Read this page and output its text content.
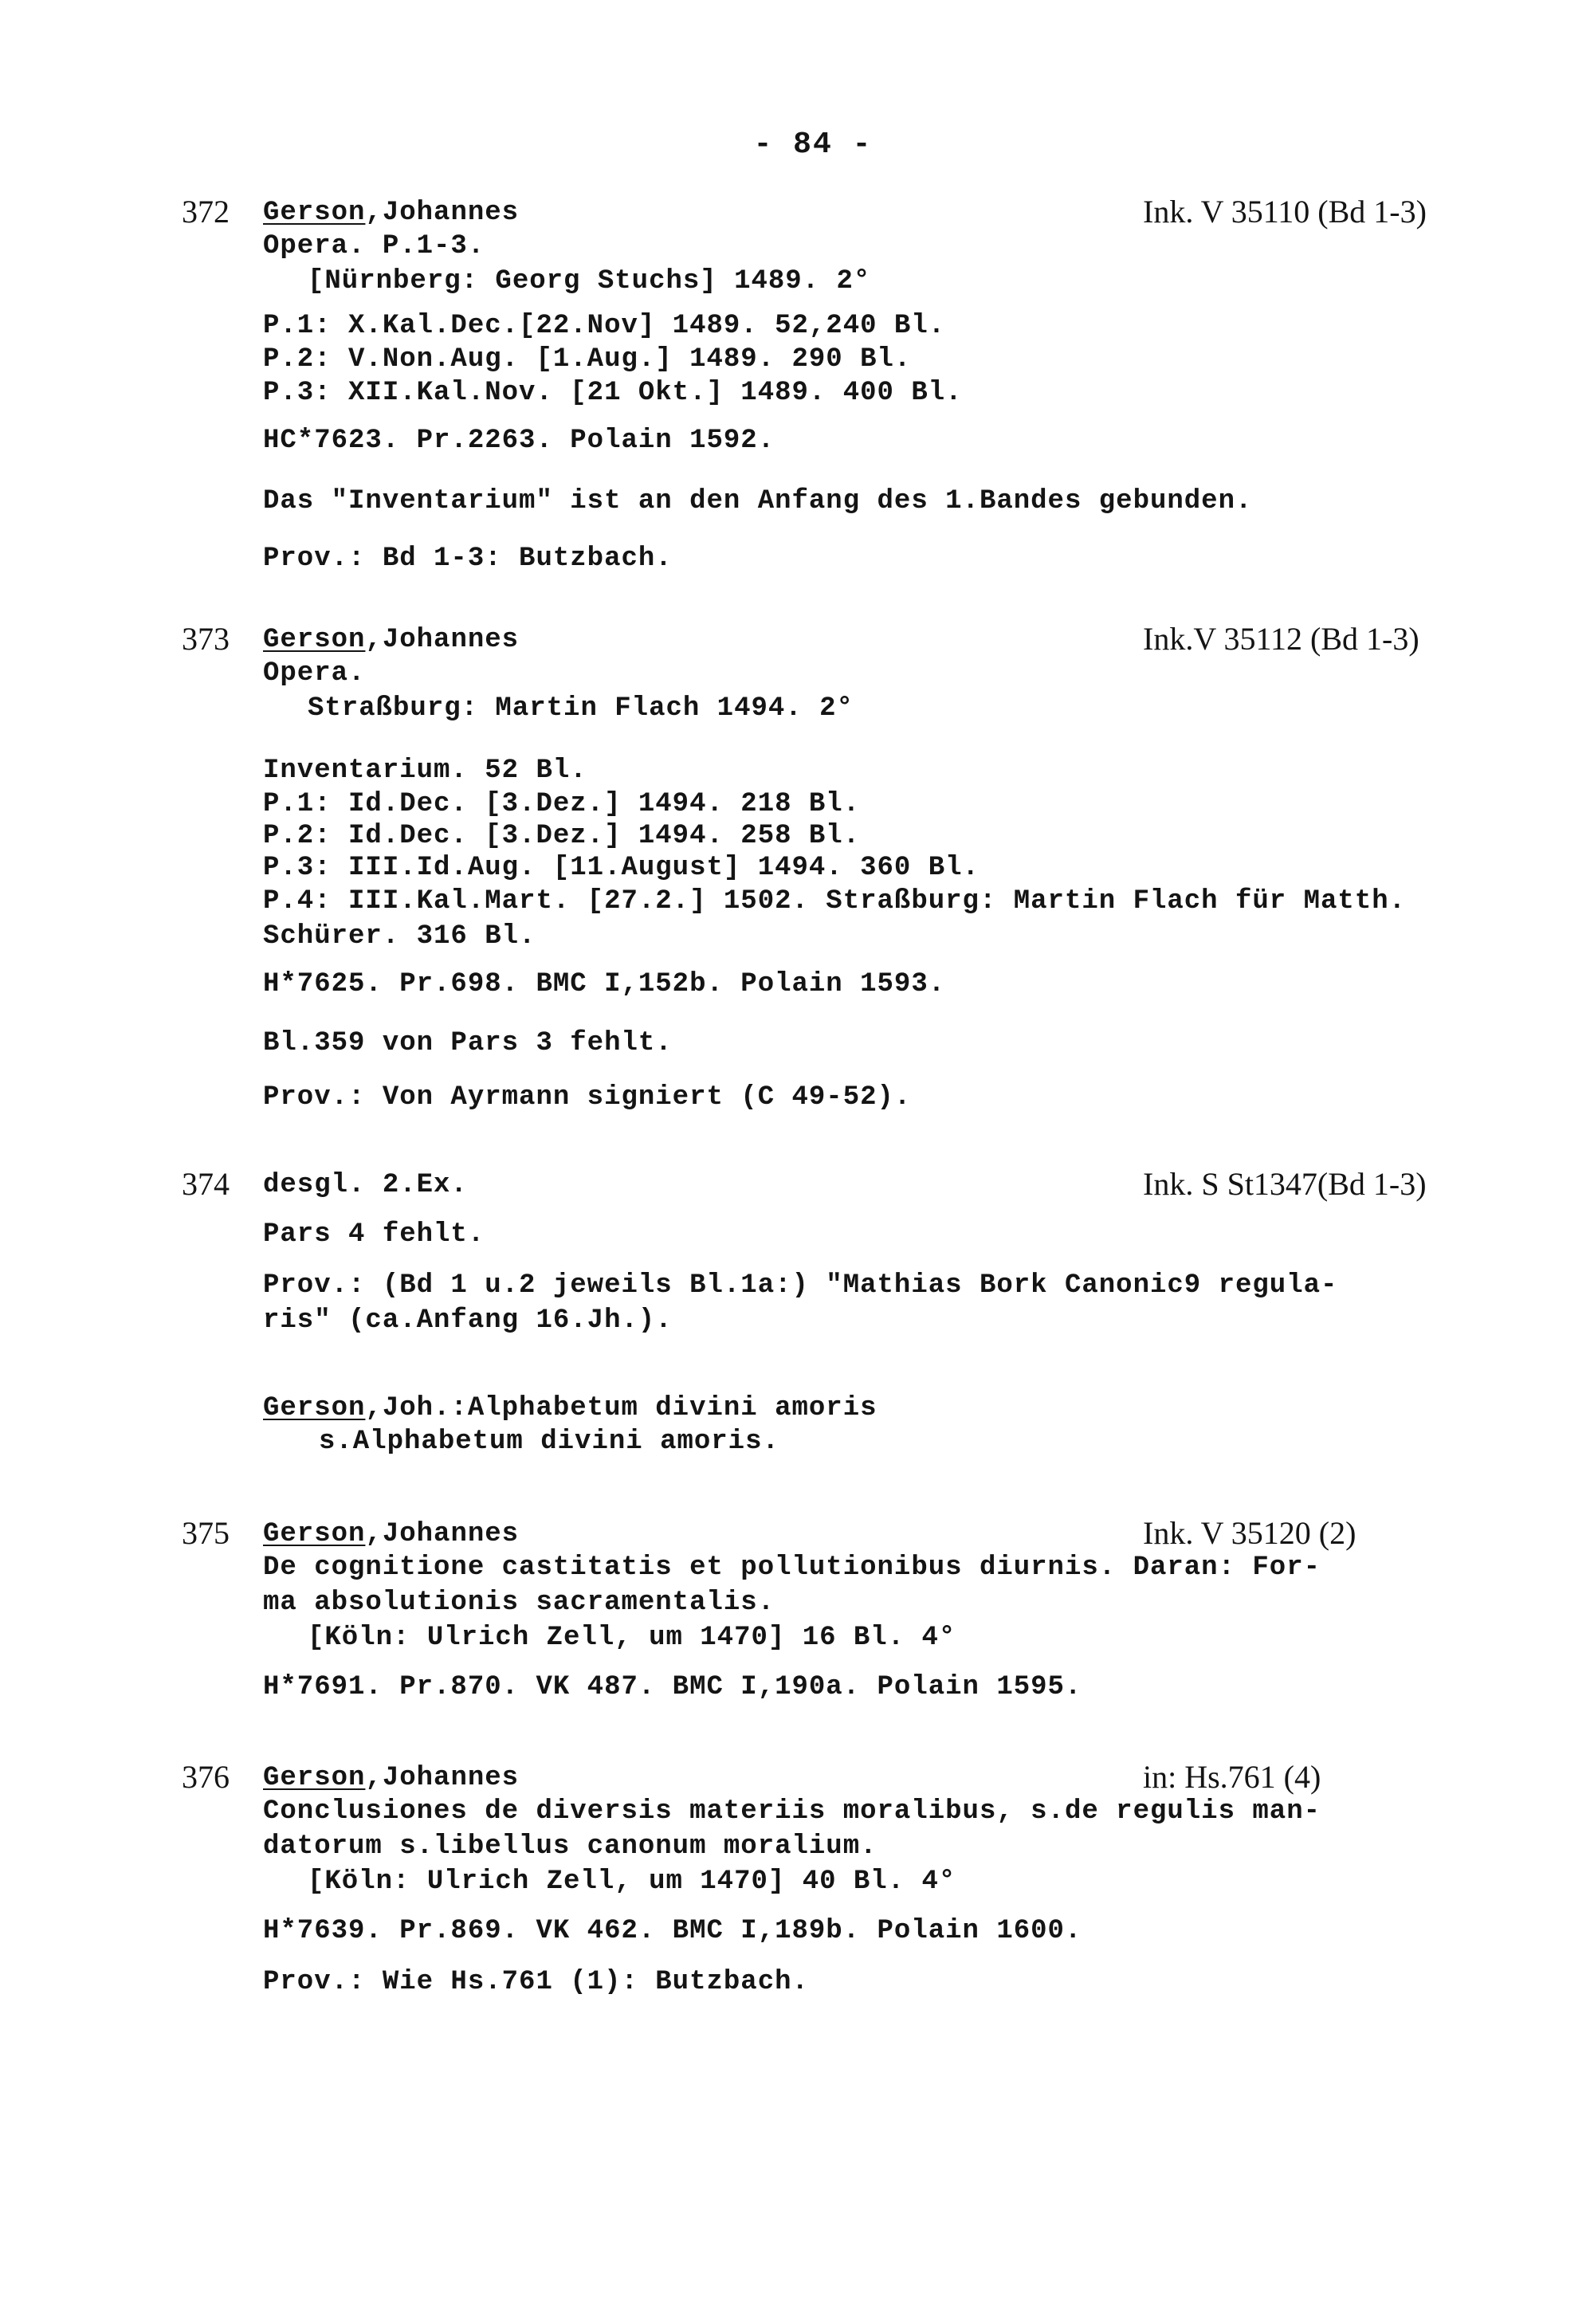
- 84 -
372	Ink. V 35110 (Bd 1-3)
Gerson,Johannes
Opera. P.1-3.
[Nürnberg: Georg Stuchs] 1489. 2°
P.1: X.Kal.Dec.[22.Nov] 1489. 52,240 Bl.
P.2: V.Non.Aug. [1.Aug.] 1489. 290 Bl.
P.3: XII.Kal.Nov. [21 Okt.] 1489. 400 Bl.
HC*7623. Pr.2263. Polain 1592.
Das "Inventarium" ist an den Anfang des 1.Bandes gebunden.
Prov.: Bd 1-3: Butzbach.
373	Ink.V 35112 (Bd 1-3)
Gerson,Johannes
Opera.
Straßburg: Martin Flach 1494. 2°
Inventarium. 52 Bl.
P.1: Id.Dec. [3.Dez.] 1494. 218 Bl.
P.2: Id.Dec. [3.Dez.] 1494. 258 Bl.
P.3: III.Id.Aug. [11.August] 1494. 360 Bl.
P.4: III.Kal.Mart. [27.2.] 1502. Straßburg: Martin Flach für Matth.
Schürer. 316 Bl.
H*7625. Pr.698. BMC I,152b. Polain 1593.
Bl.359 von Pars 3 fehlt.
Prov.: Von Ayrmann signiert (C 49-52).
374	Ink. S St1347(Bd 1-3)
desgl. 2.Ex.
Pars 4 fehlt.
Prov.: (Bd 1 u.2 jeweils Bl.1a:) "Mathias Bork Canonic9 regula-
ris" (ca.Anfang 16.Jh.).
Gerson,Joh.:Alphabetum divini amoris
s.Alphabetum divini amoris.
375	Ink. V 35120 (2)
Gerson,Johannes
De cognitione castitatis et pollutionibus diurnis. Daran: For-
ma absolutionis sacramentalis.
[Köln: Ulrich Zell, um 1470] 16 Bl. 4°
H*7691. Pr.870. VK 487. BMC I,190a. Polain 1595.
376	in: Hs.761 (4)
Gerson,Johannes
Conclusiones de diversis materiis moralibus, s.de regulis man-
datorum s.libellus canonum moralium.
[Köln: Ulrich Zell, um 1470] 40 Bl. 4°
H*7639. Pr.869. VK 462. BMC I,189b. Polain 1600.
Prov.: Wie Hs.761 (1): Butzbach.
